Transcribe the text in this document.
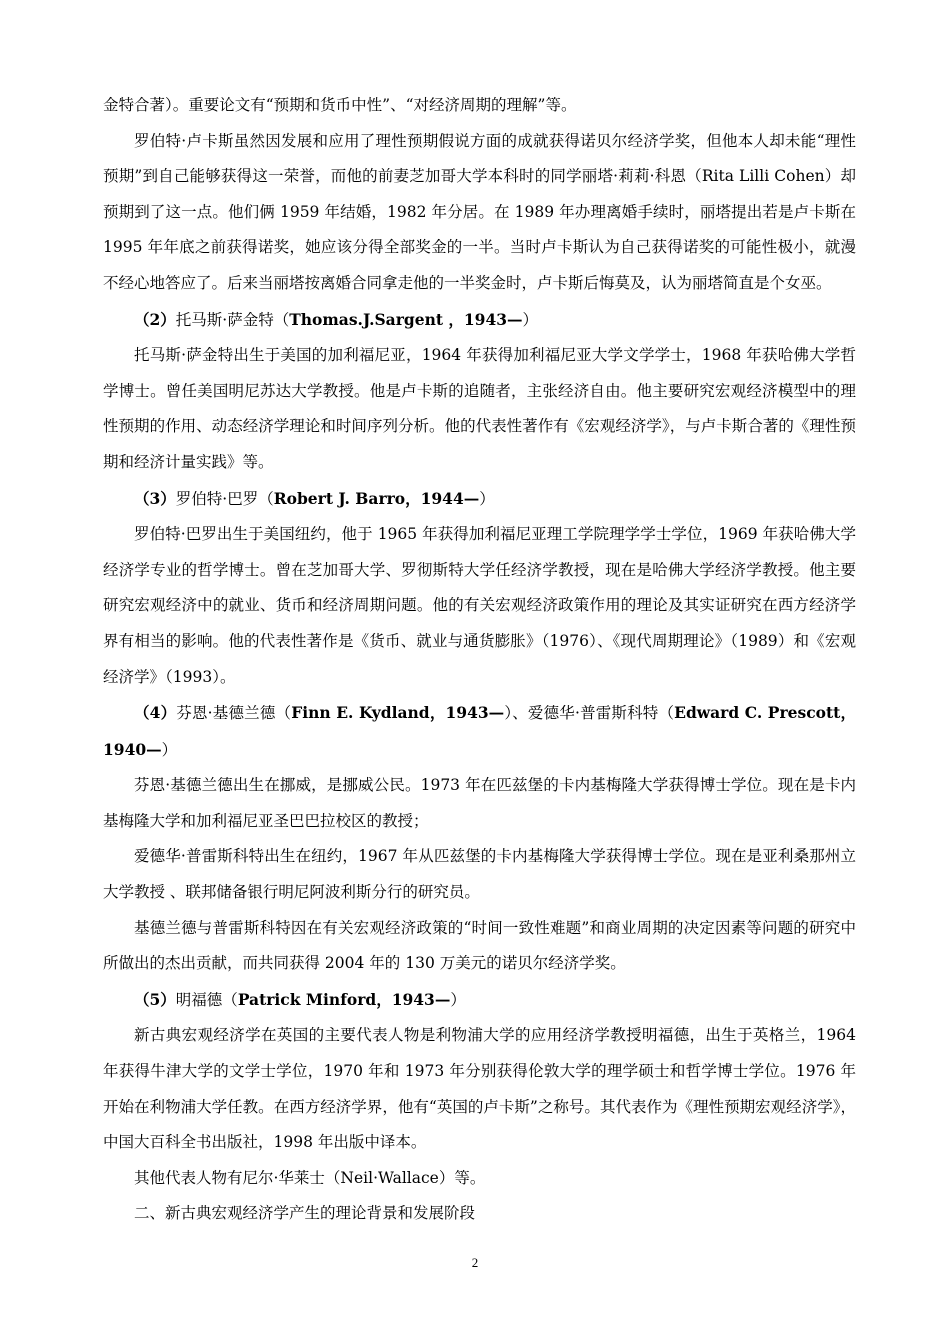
金特合著）。重要论文有“预期和货币中性”、“对经济周期的理解”等。

罗伯特·卢卡斯虽然因发展和应用了理性预期假说方面的成就获得诺贝尔经济学奖，但他本人却未能“理性预期”到自己能够获得这一荣誉，而他的前妻芝加哥大学本科时的同学丽塔·莉莉·科恩（Rita Lilli Cohen）却预期到了这一点。他们俩 1959 年结婚，1982 年分居。在 1989 年办理离婚手续时，丽塔提出若是卢卡斯在 1995 年年底之前获得诺奖，她应该分得全部奖金的一半。当时卢卡斯认为自己获得诺奖的可能性极小，就漫不经心地答应了。后来当丽塔按离婚合同拿走他的一半奖金时，卢卡斯后悔莫及，认为丽塔简直是个女巫。

（2）托马斯·萨金特（Thomas.J.Sargent ，1943—）

托马斯·萨金特出生于美国的加利福尼亚，1964 年获得加利福尼亚大学文学学士，1968 年获哈佛大学哲学博士。曾任美国明尼苏达大学教授。他是卢卡斯的追随者，主张经济自由。他主要研究宏观经济模型中的理性预期的作用、动态经济学理论和时间序列分析。他的代表性著作有《宏观经济学》，与卢卡斯合著的《理性预期和经济计量实践》等。

（3）罗伯特·巴罗（Robert J. Barro，1944—）

罗伯特·巴罗出生于美国纽约，他于 1965 年获得加利福尼亚理工学院理学学士学位，1969 年获哈佛大学经济学专业的哲学博士。曾在芝加哥大学、罗彻斯特大学任经济学教授，现在是哈佛大学经济学教授。他主要研究宏观经济中的就业、货币和经济周期问题。他的有关宏观经济政策作用的理论及其实证研究在西方经济学界有相当的影响。他的代表性著作是《货币、就业与通货膨胀》（1976）、《现代周期理论》（1989）和《宏观经济学》（1993）。

（4）芬恩·基德兰德（Finn E. Kydland，1943—）、爱德华·普雷斯科特（Edward C. Prescott，1940—）

芬恩·基德兰德出生在挪威，是挪威公民。1973 年在匹兹堡的卡内基梅隆大学获得博士学位。现在是卡内基梅隆大学和加利福尼亚圣巴巴拉校区的教授；

爱德华·普雷斯科特出生在纽约，1967 年从匹兹堡的卡内基梅隆大学获得博士学位。现在是亚利桑那州立大学教授 、联邦储备银行明尼阿波利斯分行的研究员。

基德兰德与普雷斯科特因在有关宏观经济政策的“时间一致性难题”和商业周期的决定因素等问题的研究中所做出的杰出贡献，而共同获得 2004 年的 130 万美元的诺贝尔经济学奖。

（5）明福德（Patrick Minford，1943—）

新古典宏观经济学在英国的主要代表人物是利物浦大学的应用经济学教授明福德，出生于英格兰，1964 年获得牛津大学的文学士学位，1970 年和 1973 年分别获得伦敦大学的理学硕士和哲学博士学位。1976 年开始在利物浦大学任教。在西方经济学界，他有“英国的卢卡斯”之称号。其代表作为《理性预期宏观经济学》，中国大百科全书出版社，1998 年出版中译本。

其他代表人物有尼尔·华莱士（Neil·Wallace）等。

二、新古典宏观经济学产生的理论背景和发展阶段

2
